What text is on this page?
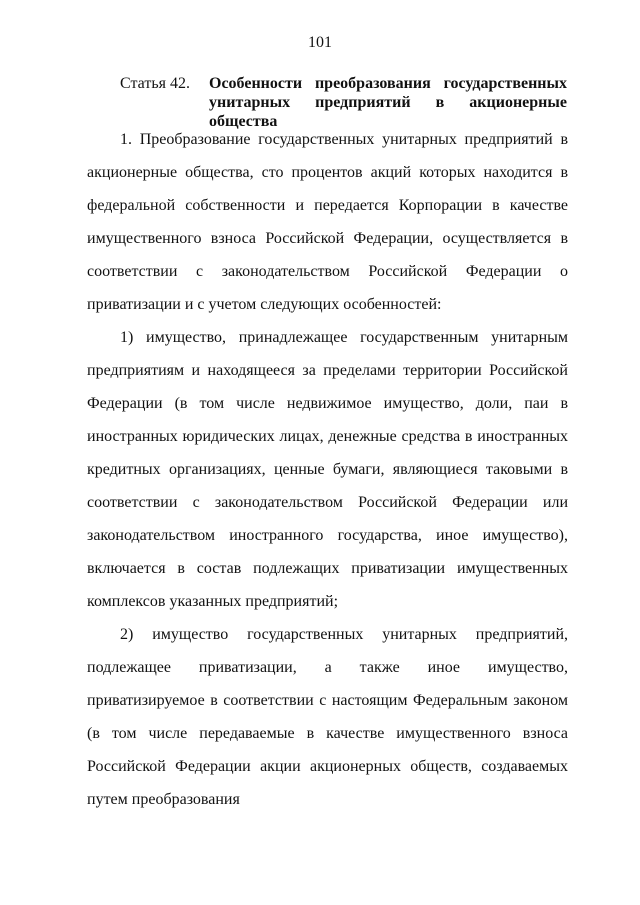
101
Статья 42.	Особенности преобразования государственных унитарных предприятий в акционерные общества

1. Преобразование государственных унитарных предприятий в акционерные общества, сто процентов акций которых находится в федеральной собственности и передается Корпорации в качестве имущественного взноса Российской Федерации, осуществляется в соответствии с законодательством Российской Федерации о приватизации и с учетом следующих особенностей:

1) имущество, принадлежащее государственным унитарным предприятиям и находящееся за пределами территории Российской Федерации (в том числе недвижимое имущество, доли, паи в иностранных юридических лицах, денежные средства в иностранных кредитных организациях, ценные бумаги, являющиеся таковыми в соответствии с законодательством Российской Федерации или законодательством иностранного государства, иное имущество), включается в состав подлежащих приватизации имущественных комплексов указанных предприятий;

2) имущество государственных унитарных предприятий, подлежащее приватизации, а также иное имущество, приватизируемое в соответствии с настоящим Федеральным законом (в том числе передаваемые в качестве имущественного взноса Российской Федерации акции акционерных обществ, создаваемых путем преобразования
